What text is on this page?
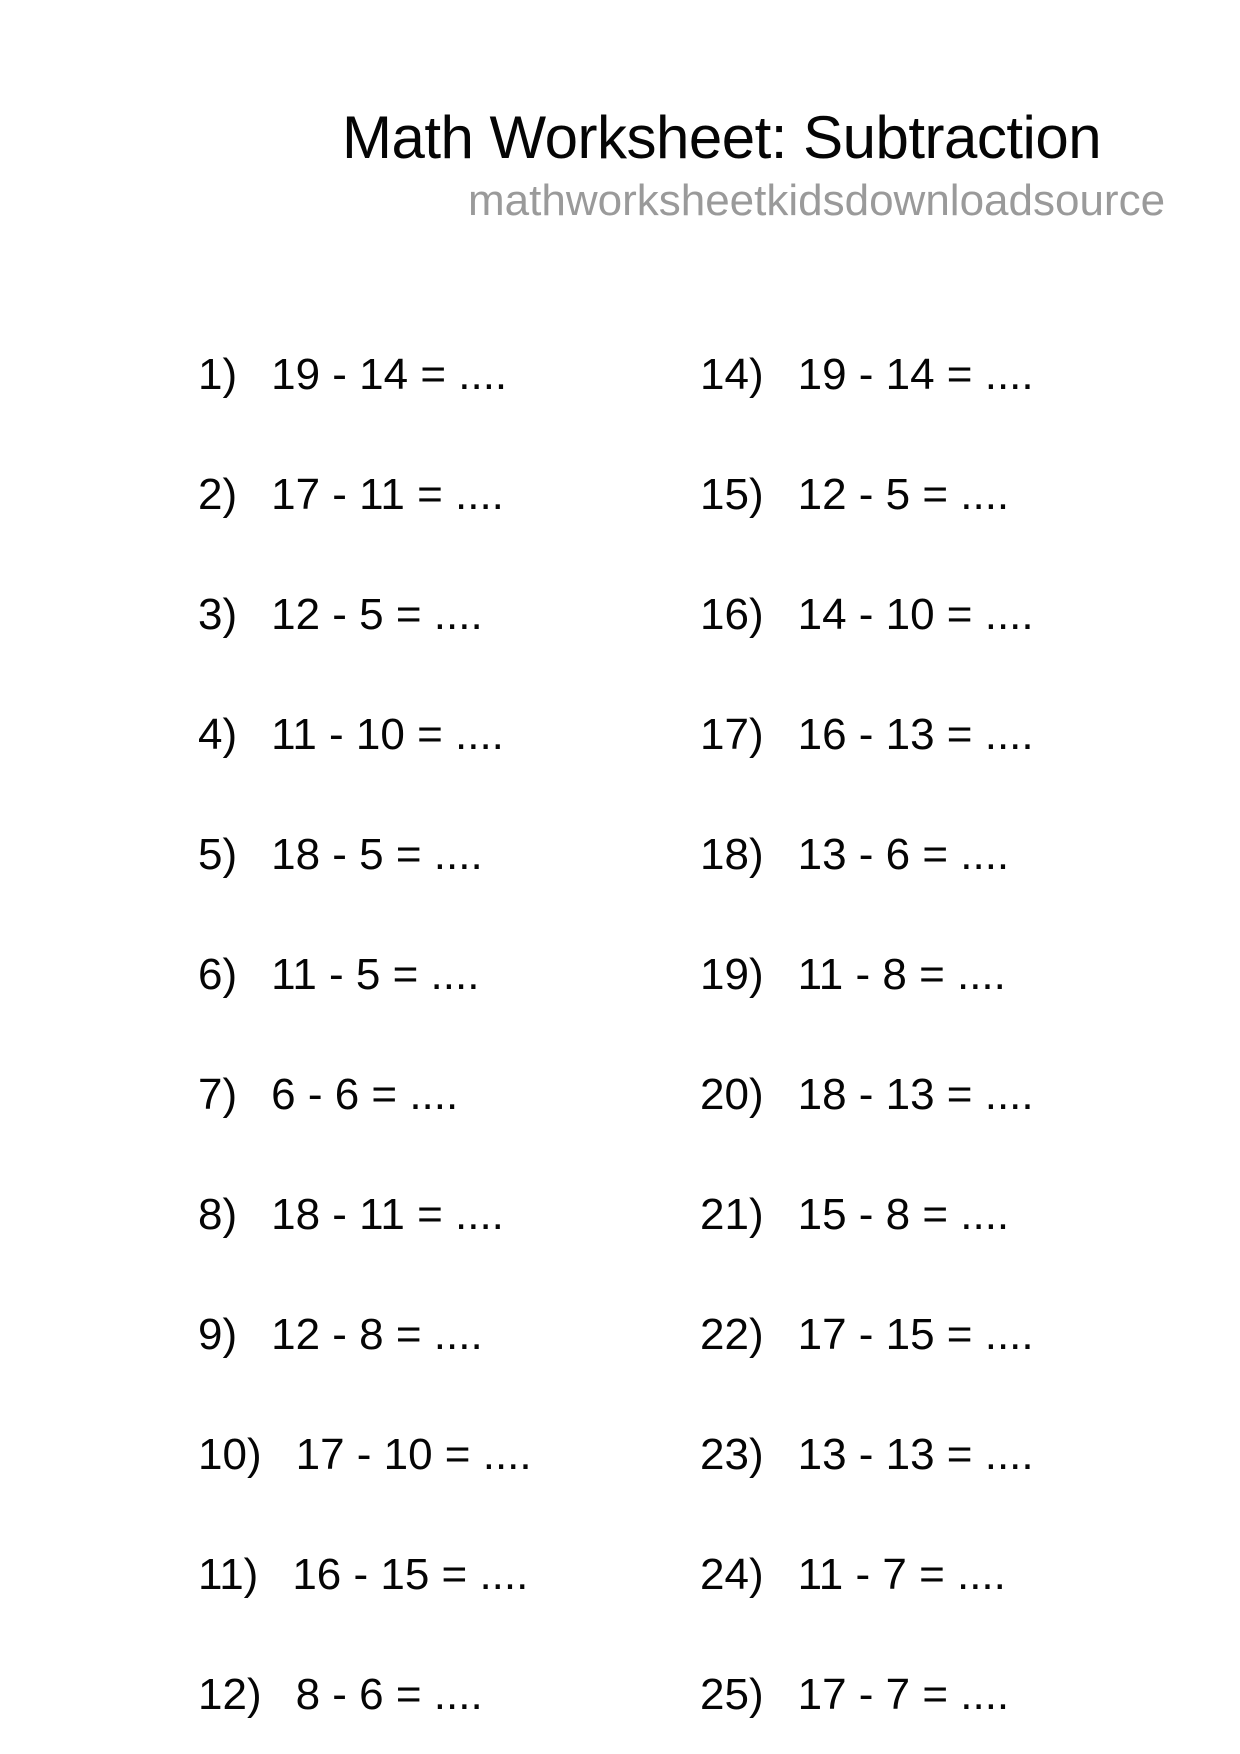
Math Worksheet: Subtraction
mathworksheetkidsdownloadsource
1) 19 - 14 = ....
2) 17 - 11 = ....
3) 12 - 5 = ....
4) 11 - 10 = ....
5) 18 - 5 = ....
6) 11 - 5 = ....
7) 6 - 6 = ....
8) 18 - 11 = ....
9) 12 - 8 = ....
10) 17 - 10 = ....
11) 16 - 15 = ....
12) 8 - 6 = ....
14) 19 - 14 = ....
15) 12 - 5 = ....
16) 14 - 10 = ....
17) 16 - 13 = ....
18) 13 - 6 = ....
19) 11 - 8 = ....
20) 18 - 13 = ....
21) 15 - 8 = ....
22) 17 - 15 = ....
23) 13 - 13 = ....
24) 11 - 7 = ....
25) 17 - 7 = ....
